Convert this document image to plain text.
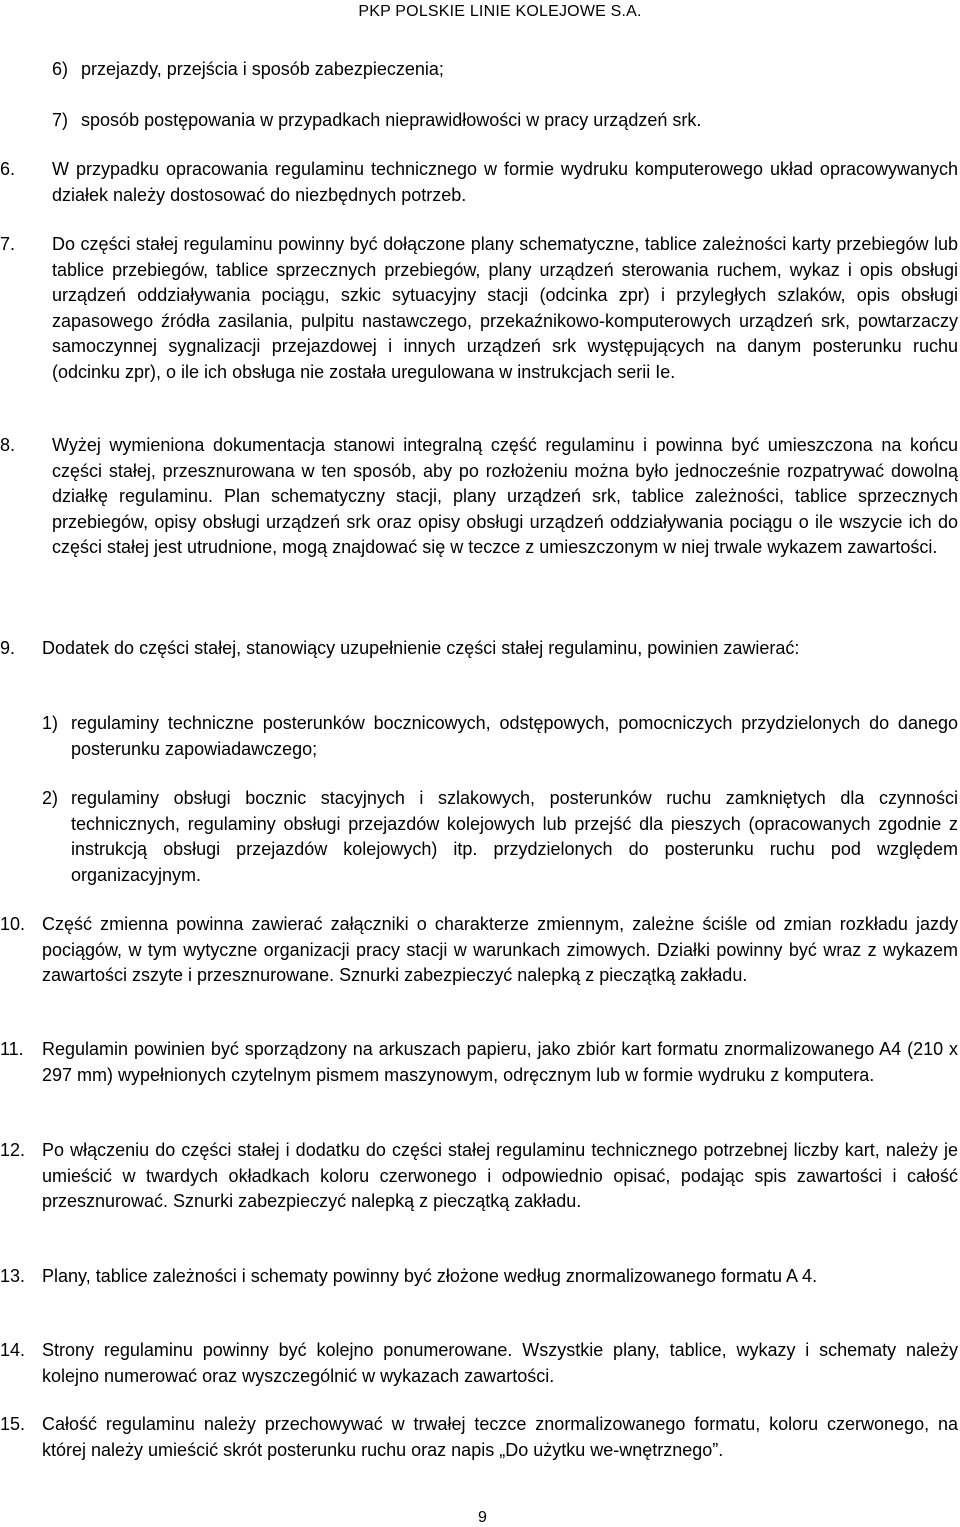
PKP POLSKIE LINIE KOLEJOWE S.A.
6) przejazdy, przejścia i sposób zabezpieczenia;
7) sposób postępowania w przypadkach nieprawidłowości w pracy urządzeń srk.
6. W przypadku opracowania regulaminu technicznego w formie wydruku komputerowego układ opracowywanych działek należy dostosować do niezbędnych potrzeb.
7. Do części stałej regulaminu powinny być dołączone plany schematyczne, tablice zależności karty przebiegów lub tablice przebiegów, tablice sprzecznych przebiegów, plany urządzeń sterowania ruchem, wykaz i opis obsługi urządzeń oddziaływania pociągu, szkic sytuacyjny stacji (odcinka zpr) i przyległych szlaków, opis obsługi zapasowego źródła zasilania, pulpitu nastawczego, przekaźnikowo-komputerowych urządzeń srk, powtarzaczy samoczynnej sygnalizacji przejazdowej i innych urządzeń srk występujących na danym posterunku ruchu (odcinku zpr), o ile ich obsługa nie została uregulowana w instrukcjach serii Ie.
8. Wyżej wymieniona dokumentacja stanowi integralną część regulaminu i powinna być umieszczona na końcu części stałej, przesznurowana w ten sposób, aby po rozłożeniu można było jednocześnie rozpatrywać dowolną działkę regulaminu. Plan schematyczny stacji, plany urządzeń srk, tablice zależności, tablice sprzecznych przebiegów, opisy obsługi urządzeń srk oraz opisy obsługi urządzeń oddziaływania pociągu o ile wszycie ich do części stałej jest utrudnione, mogą znajdować się w teczce z umieszczonym w niej trwale wykazem zawartości.
9. Dodatek do części stałej, stanowiący uzupełnienie części stałej regulaminu, powinien zawierać:
1) regulaminy techniczne posterunków bocznicowych, odstępowych, pomocniczych przydzielonych do danego posterunku zapowiadawczego;
2) regulaminy obsługi bocznic stacyjnych i szlakowych, posterunków ruchu zamkniętych dla czynności technicznych, regulaminy obsługi przejazdów kolejowych lub przejść dla pieszych (opracowanych zgodnie z instrukcją obsługi przejazdów kolejowych) itp. przydzielonych do posterunku ruchu pod względem organizacyjnym.
10. Część zmienna powinna zawierać załączniki o charakterze zmiennym, zależne ściśle od zmian rozkładu jazdy pociągów, w tym wytyczne organizacji pracy stacji w warunkach zimowych. Działki powinny być wraz z wykazem zawartości zszyte i przesznurowane. Sznurki zabezpieczyć nalepką z pieczątką zakładu.
11. Regulamin powinien być sporządzony na arkuszach papieru, jako zbiór kart formatu znormalizowanego A4 (210 x 297 mm) wypełnionych czytelnym pismem maszynowym, odręcznym lub w formie wydruku z komputera.
12. Po włączeniu do części stałej i dodatku do części stałej regulaminu technicznego potrzebnej liczby kart, należy je umieścić w twardych okładkach koloru czerwonego i odpowiednio opisać, podając spis zawartości i całość przesznurować. Sznurki zabezpieczyć nalepką z pieczątką zakładu.
13. Plany, tablice zależności i schematy powinny być złożone według znormalizowanego formatu A 4.
14. Strony regulaminu powinny być kolejno ponumerowane. Wszystkie plany, tablice, wykazy i schematy należy kolejno numerować oraz wyszczególnić w wykazach zawartości.
15. Całość regulaminu należy przechowywać w trwałej teczce znormalizowanego formatu, koloru czerwonego, na której należy umieścić skrót posterunku ruchu oraz napis „Do użytku we-wnętrznego”.
9
